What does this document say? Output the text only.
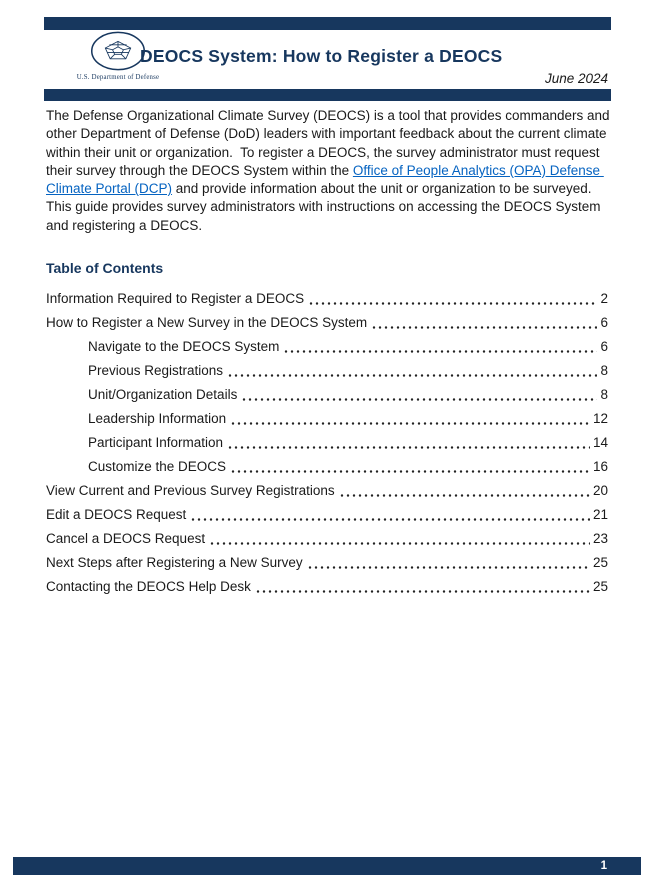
U.S. Department of Defense
DEOCS System: How to Register a DEOCS
June 2024

The Defense Organizational Climate Survey (DEOCS) is a tool that provides commanders and other Department of Defense (DoD) leaders with important feedback about the current climate within their unit or organization.  To register a DEOCS, the survey administrator must request their survey through the DEOCS System within the Office of People Analytics (OPA) Defense Climate Portal (DCP) and provide information about the unit or organization to be surveyed.  This guide provides survey administrators with instructions on accessing the DEOCS System and registering a DEOCS.

Table of Contents
Information Required to Register a DEOCS	2
How to Register a New Survey in the DEOCS System	6
Navigate to the DEOCS System	6
Previous Registrations	8
Unit/Organization Details	8
Leadership Information	12
Participant Information	14
Customize the DEOCS	16
View Current and Previous Survey Registrations	20
Edit a DEOCS Request	21
Cancel a DEOCS Request	23
Next Steps after Registering a New Survey	25
Contacting the DEOCS Help Desk	25
1
